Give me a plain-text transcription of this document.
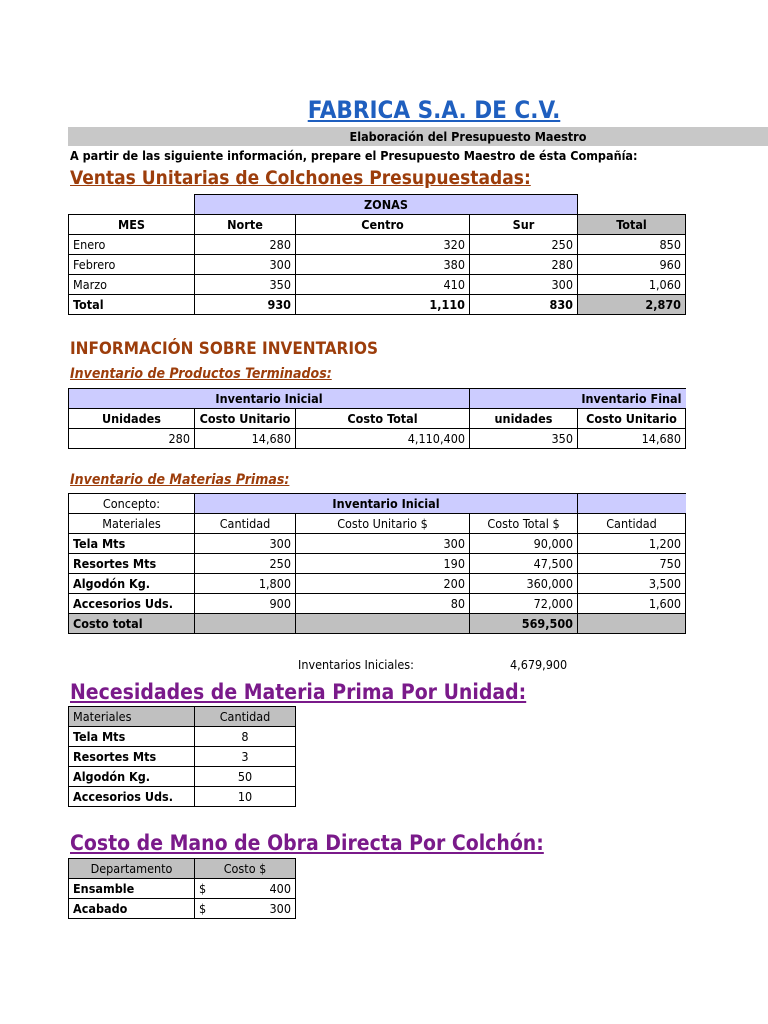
FABRICA S.A. DE C.V.
Elaboración del Presupuesto Maestro
A partir de las siguiente información, prepare el Presupuesto Maestro de ésta Compañía:
Ventas Unitarias de Colchones Presupuestadas:
	ZONAS			
MES	Norte	Centro	Sur	Total
Enero	280	320	250	850
Febrero	300	380	280	960
Marzo	350	410	300	1,060
Total	930	1,110	830	2,870
INFORMACIÓN SOBRE INVENTARIOS
Inventario de Productos Terminados:
Inventario Inicial			Inventario Final	
Unidades	Costo Unitario	Costo Total	unidades	Costo Unitario
280	14,680	4,110,400	350	14,680
Inventario de Materias Primas:
Concepto:	Inventario Inicial			
Materiales	Cantidad	Costo Unitario $	Costo Total $	Cantidad
Tela Mts	300	300	90,000	1,200
Resortes Mts	250	190	47,500	750
Algodón Kg.	1,800	200	360,000	3,500
Accesorios Uds.	900	80	72,000	1,600
Costo total			569,500	
Inventarios Iniciales:	4,679,900
Necesidades de Materia Prima Por Unidad:
Materiales	Cantidad
Tela Mts	8
Resortes Mts	3
Algodón Kg.	50
Accesorios Uds.	10
Costo de Mano de Obra Directa Por Colchón:
Departamento	Costo $
Ensamble	$ 400
Acabado	$ 300
